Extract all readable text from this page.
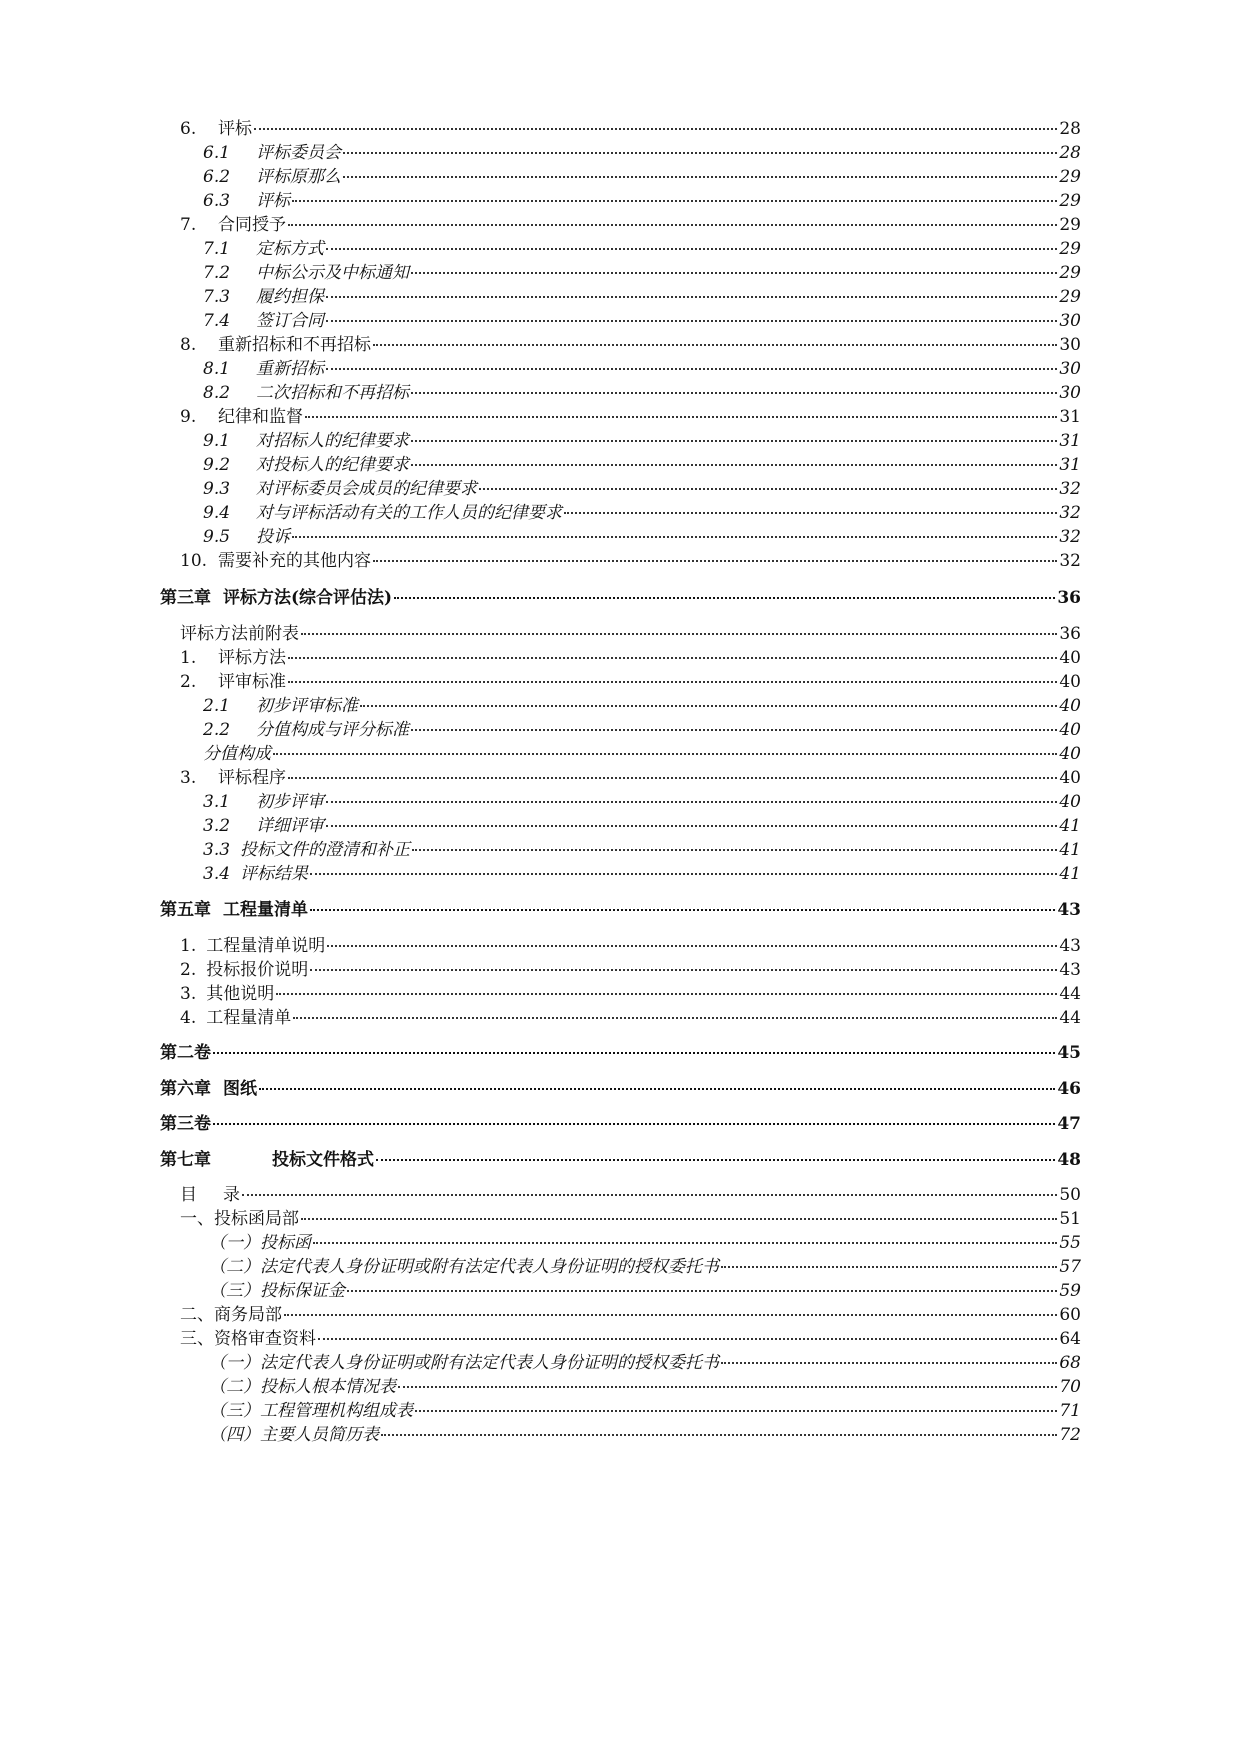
6.	评标	28
6.1	评标委员会	28
6.2	评标原那么	29
6.3	评标	29
7.	合同授予	29
7.1	定标方式	29
7.2	中标公示及中标通知	29
7.3	履约担保	29
7.4	签订合同	30
8.	重新招标和不再招标	30
8.1	重新招标	30
8.2	二次招标和不再招标	30
9.	纪律和监督	31
9.1	对招标人的纪律要求	31
9.2	对投标人的纪律要求	31
9.3	对评标委员会成员的纪律要求	32
9.4	对与评标活动有关的工作人员的纪律要求	32
9.5	投诉	32
10. 需要补充的其他内容	32
第三章 评标方法(综合评估法)	36
评标方法前附表	36
1.	评标方法	40
2.	评审标准	40
2.1	初步评审标准	40
2.2	分值构成与评分标准	40
分值构成	40
3.	评标程序	40
3.1	初步评审	40
3.2	详细评审	41
3.3 投标文件的澄清和补正	41
3.4 评标结果	41
第五章 工程量清单	43
1. 工程量清单说明	43
2. 投标报价说明	43
3. 其他说明	44
4. 工程量清单	44
第二卷	45
第六章 图纸	46
第三卷	47
第七章	投标文件格式	48
目 录	50
一、投标函局部	51
（一）投标函	55
（二）法定代表人身份证明或附有法定代表人身份证明的授权委托书	57
（三）投标保证金	59
二、商务局部	60
三、资格审查资料	64
（一）法定代表人身份证明或附有法定代表人身份证明的授权委托书	68
（二）投标人根本情况表	70
（三）工程管理机构组成表	71
（四）主要人员简历表	72
